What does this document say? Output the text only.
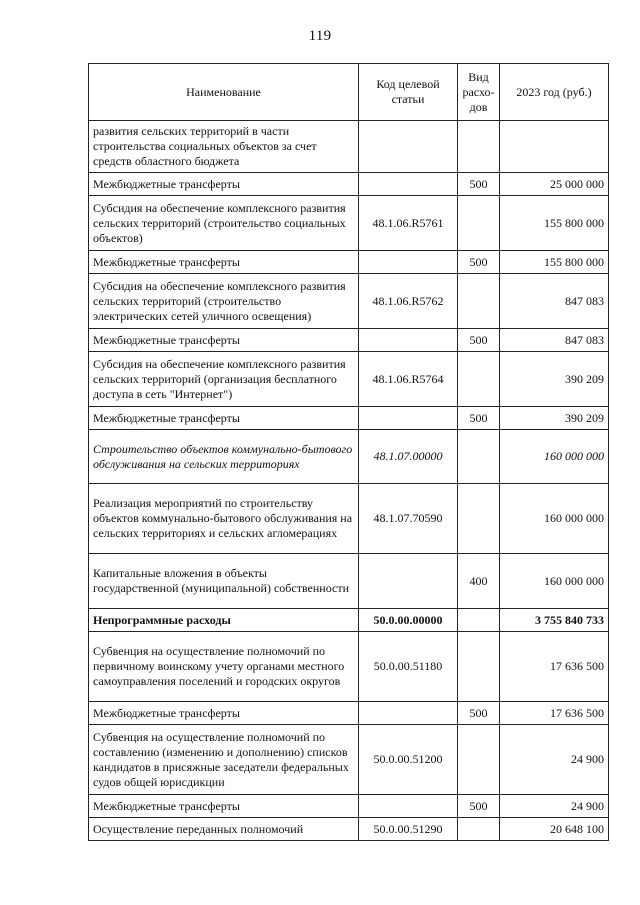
119
Наименование	Код целевой статьи	Вид расхо-дов	2023 год (руб.)
развития сельских территорий в части строительства социальных объектов за счет средств областного бюджета			
Межбюджетные трансферты		500	25 000 000
Субсидия на обеспечение комплексного развития сельских территорий (строительство социальных объектов)	48.1.06.R5761		155 800 000
Межбюджетные трансферты		500	155 800 000
Субсидия на обеспечение комплексного развития сельских территорий (строительство электрических сетей уличного освещения)	48.1.06.R5762		847 083
Межбюджетные трансферты		500	847 083
Субсидия на обеспечение комплексного развития сельских территорий (организация бесплатного доступа в сеть "Интернет")	48.1.06.R5764		390 209
Межбюджетные трансферты		500	390 209
Строительство объектов коммунально-бытового обслуживания на сельских территориях	48.1.07.00000		160 000 000
Реализация мероприятий по строительству объектов коммунально-бытового обслуживания на сельских территориях и сельских агломерациях	48.1.07.70590		160 000 000
Капитальные вложения в объекты государственной (муниципальной) собственности		400	160 000 000
Непрограммные расходы	50.0.00.00000		3 755 840 733
Субвенция на осуществление полномочий по первичному воинскому учету органами местного самоуправления поселений и городских округов	50.0.00.51180		17 636 500
Межбюджетные трансферты		500	17 636 500
Субвенция на осуществление полномочий по составлению (изменению и дополнению) списков кандидатов в присяжные заседатели федеральных судов общей юрисдикции	50.0.00.51200		24 900
Межбюджетные трансферты		500	24 900
Осуществление переданных полномочий	50.0.00.51290		20 648 100
